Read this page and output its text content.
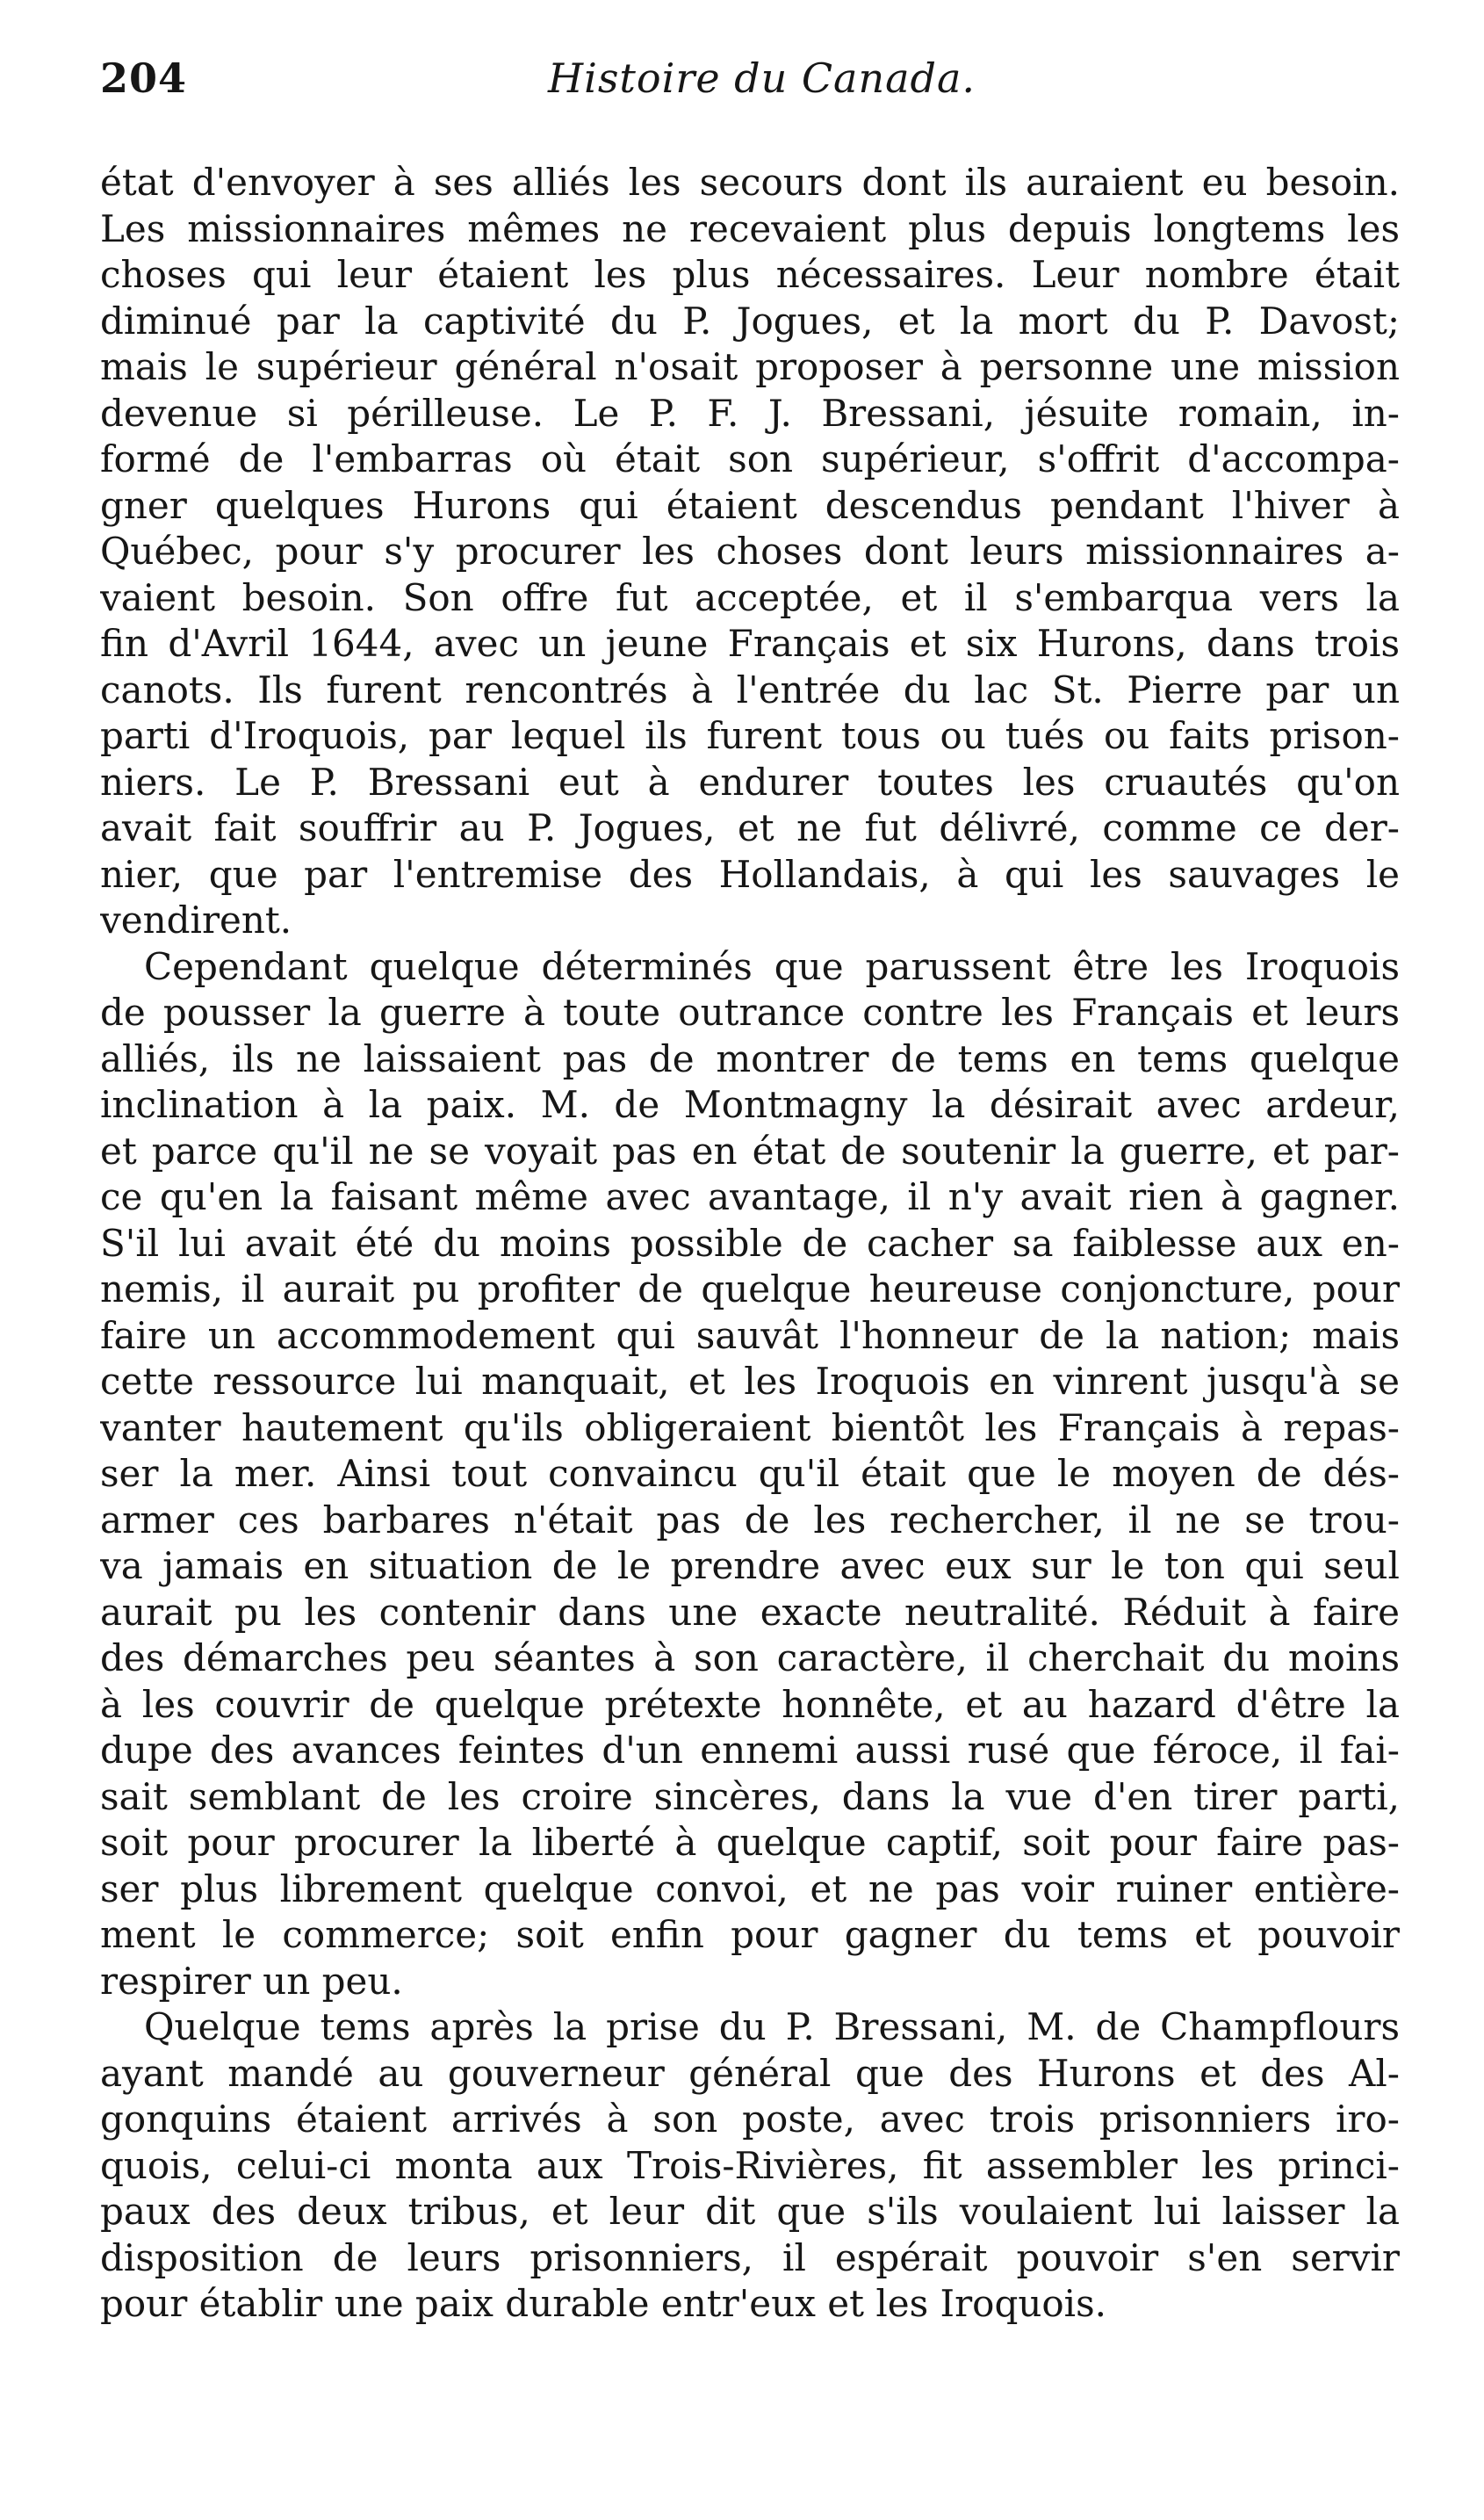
204	Histoire du Canada.
état d'envoyer à ses alliés les secours dont ils auraient eu besoin.
Les missionnaires mêmes ne recevaient plus depuis longtems les
choses qui leur étaient les plus nécessaires. Leur nombre était
diminué par la captivité du P. Jogues, et la mort du P. Davost;
mais le supérieur général n'osait proposer à personne une mission
devenue si périlleuse. Le P. F. J. Bressani, jésuite romain, in-
formé de l'embarras où était son supérieur, s'offrit d'accompa-
gner quelques Hurons qui étaient descendus pendant l'hiver à
Québec, pour s'y procurer les choses dont leurs missionnaires a-
vaient besoin. Son offre fut acceptée, et il s'embarqua vers la
fin d'Avril 1644, avec un jeune Français et six Hurons, dans trois
canots. Ils furent rencontrés à l'entrée du lac St. Pierre par un
parti d'Iroquois, par lequel ils furent tous ou tués ou faits prison-
niers. Le P. Bressani eut à endurer toutes les cruautés qu'on
avait fait souffrir au P. Jogues, et ne fut délivré, comme ce der-
nier, que par l'entremise des Hollandais, à qui les sauvages le
vendirent.
Cependant quelque déterminés que parussent être les Iroquois
de pousser la guerre à toute outrance contre les Français et leurs
alliés, ils ne laissaient pas de montrer de tems en tems quelque
inclination à la paix. M. de Montmagny la désirait avec ardeur,
et parce qu'il ne se voyait pas en état de soutenir la guerre, et par-
ce qu'en la faisant même avec avantage, il n'y avait rien à gagner.
S'il lui avait été du moins possible de cacher sa faiblesse aux en-
nemis, il aurait pu profiter de quelque heureuse conjoncture, pour
faire un accommodement qui sauvât l'honneur de la nation; mais
cette ressource lui manquait, et les Iroquois en vinrent jusqu'à se
vanter hautement qu'ils obligeraient bientôt les Français à repas-
ser la mer. Ainsi tout convaincu qu'il était que le moyen de dés-
armer ces barbares n'était pas de les rechercher, il ne se trou-
va jamais en situation de le prendre avec eux sur le ton qui seul
aurait pu les contenir dans une exacte neutralité. Réduit à faire
des démarches peu séantes à son caractère, il cherchait du moins
à les couvrir de quelque prétexte honnête, et au hazard d'être la
dupe des avances feintes d'un ennemi aussi rusé que féroce, il fai-
sait semblant de les croire sincères, dans la vue d'en tirer parti,
soit pour procurer la liberté à quelque captif, soit pour faire pas-
ser plus librement quelque convoi, et ne pas voir ruiner entière-
ment le commerce; soit enfin pour gagner du tems et pouvoir
respirer un peu.
Quelque tems après la prise du P. Bressani, M. de Champflours
ayant mandé au gouverneur général que des Hurons et des Al-
gonquins étaient arrivés à son poste, avec trois prisonniers iro-
quois, celui-ci monta aux Trois-Rivières, fit assembler les princi-
paux des deux tribus, et leur dit que s'ils voulaient lui laisser la
disposition de leurs prisonniers, il espérait pouvoir s'en servir
pour établir une paix durable entr'eux et les Iroquois.
